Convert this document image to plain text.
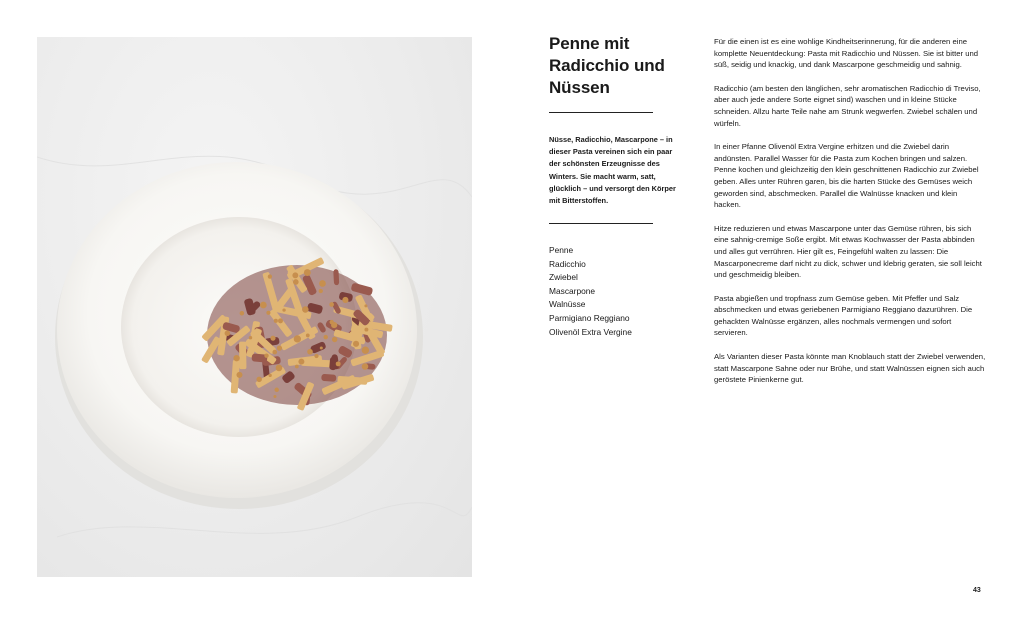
Penne mit Radicchio und Nüssen

Nüsse, Radicchio, Mascarpone – in dieser Pasta vereinen sich ein paar der schönsten Erzeugnisse des Winters. Sie macht warm, satt, glücklich – und versorgt den Körper mit Bitterstoffen.

Penne
Radicchio
Zwiebel
Mascarpone
Walnüsse
Parmigiano Reggiano
Olivenöl Extra Vergine

Für die einen ist es eine wohlige Kindheitserinnerung, für die anderen eine komplette Neuentdeckung: Pasta mit Radicchio und Nüssen. Sie ist bitter und süß, seidig und knackig, und dank Mascarpone geschmeidig und sahnig.

Radicchio (am besten den länglichen, sehr aromatischen Radicchio di Treviso, aber auch jede andere Sorte eignet sind) waschen und in kleine Stücke schneiden. Allzu harte Teile nahe am Strunk wegwerfen. Zwiebel schälen und würfeln.

In einer Pfanne Olivenöl Extra Vergine erhitzen und die Zwiebel darin andünsten. Parallel Wasser für die Pasta zum Kochen bringen und salzen. Penne kochen und gleichzeitig den klein geschnittenen Radicchio zur Zwiebel geben. Alles unter Rühren garen, bis die harten Stücke des Gemüses weich geworden sind, abschmecken. Parallel die Walnüsse knacken und klein hacken.

Hitze reduzieren und etwas Mascarpone unter das Gemüse rühren, bis sich eine sahnig-cremige Soße ergibt. Mit etwas Kochwasser der Pasta abbinden und alles gut verrühren. Hier gilt es, Feingefühl walten zu lassen: Die Mascarponecreme darf nicht zu dick, schwer und klebrig geraten, sie soll leicht und geschmeidig bleiben.

Pasta abgießen und tropfnass zum Gemüse geben. Mit Pfeffer und Salz abschmecken und etwas geriebenen Parmigiano Reggiano dazurühren. Die gehackten Walnüsse ergänzen, alles nochmals vermengen und sofort servieren.

Als Varianten dieser Pasta könnte man Knoblauch statt der Zwiebel verwenden, statt Mascarpone Sahne oder nur Brühe, und statt Walnüssen eignen sich auch geröstete Pinienkerne gut.

43
